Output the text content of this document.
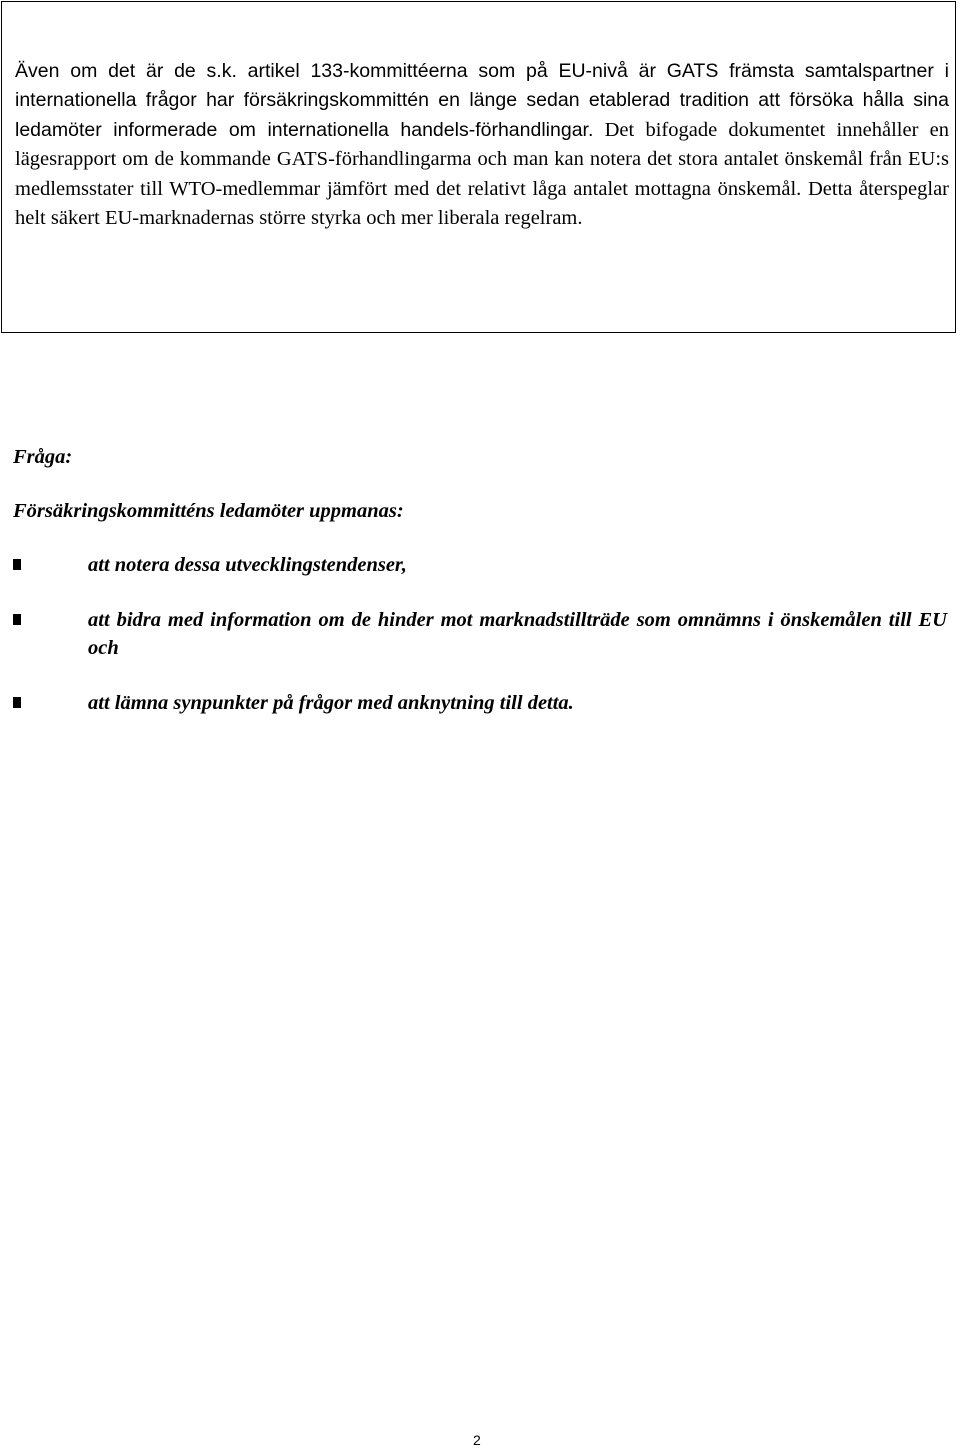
Även om det är de s.k. artikel 133-kommittéerna som på EU-nivå är GATS främsta samtalspartner i internationella frågor har försäkringskommittén en länge sedan etablerad tradition att försöka hålla sina ledamöter informerade om internationella handels-förhandlingar. Det bifogade dokumentet innehåller en lägesrapport om de kommande GATS-förhandlingarma och man kan notera det stora antalet önskemål från EU:s medlemsstater till WTO-medlemmar jämfört med det relativt låga antalet mottagna önskemål. Detta återspeglar helt säkert EU-marknadernas större styrka och mer liberala regelram.

Fråga:

Försäkringskommitténs ledamöter uppmanas:

att notera dessa utvecklingstendenser,
att bidra med information om de hinder mot marknadstillträde som omnämns i önskemålen till EU och
att lämna synpunkter på frågor med anknytning till detta.
2
